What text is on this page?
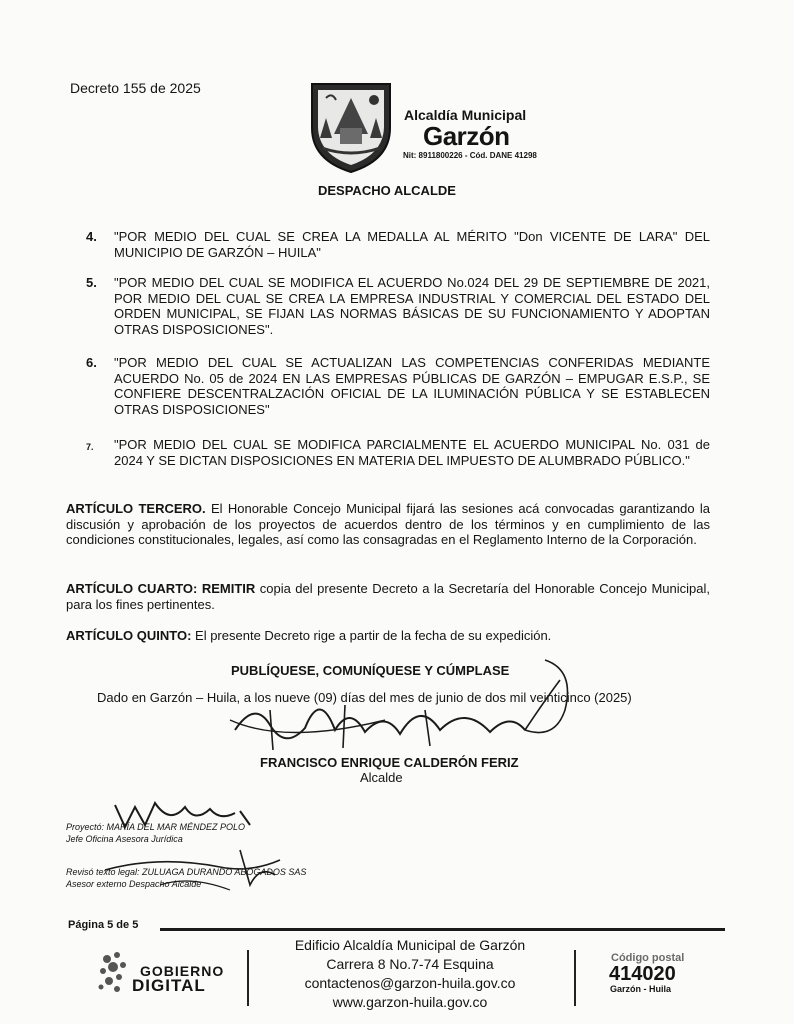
Decreto 155 de 2025
Alcaldía Municipal
Garzón
Nit: 8911800226 - Cód. DANE 41298
DESPACHO ALCALDE
4. "POR MEDIO DEL CUAL SE CREA LA MEDALLA AL MÉRITO "Don VICENTE DE LARA" DEL MUNICIPIO DE GARZÓN – HUILA"
5. "POR MEDIO DEL CUAL SE MODIFICA EL ACUERDO No.024 DEL 29 DE SEPTIEMBRE DE 2021, POR MEDIO DEL CUAL SE CREA LA EMPRESA INDUSTRIAL Y COMERCIAL DEL ESTADO DEL ORDEN MUNICIPAL, SE FIJAN LAS NORMAS BÁSICAS DE SU FUNCIONAMIENTO Y ADOPTAN OTRAS DISPOSICIONES".
6. "POR MEDIO DEL CUAL SE ACTUALIZAN LAS COMPETENCIAS CONFERIDAS MEDIANTE ACUERDO No. 05 de 2024 EN LAS EMPRESAS PÚBLICAS DE GARZÓN – EMPUGAR E.S.P., SE CONFIERE DESCENTRALZACIÓN OFICIAL DE LA ILUMINACIÓN PÚBLICA Y SE ESTABLECEN OTRAS DISPOSICIONES"
7. "POR MEDIO DEL CUAL SE MODIFICA PARCIALMENTE EL ACUERDO MUNICIPAL No. 031 de 2024 Y SE DICTAN DISPOSICIONES EN MATERIA DEL IMPUESTO DE ALUMBRADO PÚBLICO."
ARTÍCULO TERCERO. El Honorable Concejo Municipal fijará las sesiones acá convocadas garantizando la discusión y aprobación de los proyectos de acuerdos dentro de los términos y en cumplimiento de las condiciones constitucionales, legales, así como las consagradas en el Reglamento Interno de la Corporación.
ARTÍCULO CUARTO: REMITIR copia del presente Decreto a la Secretaría del Honorable Concejo Municipal, para los fines pertinentes.
ARTÍCULO QUINTO: El presente Decreto rige a partir de la fecha de su expedición.
PUBLÍQUESE, COMUNÍQUESE Y CÚMPLASE
Dado en Garzón – Huila, a los nueve (09) días del mes de junio de dos mil veinticinco (2025)
FRANCISCO ENRIQUE CALDERÓN FERIZ
Alcalde
Proyectó: MARÍA DEL MAR MÉNDEZ POLO
Jefe Oficina Asesora Jurídica
Revisó texto legal: ZULUAGA DURANDO ABOGADOS SAS
Asesor externo Despacho Alcalde
Página 5 de 5
GOBIERNO
DIGITAL
Edificio Alcaldía Municipal de Garzón
Carrera 8 No.7-74 Esquina
contactenos@garzon-huila.gov.co
www.garzon-huila.gov.co
Código postal
414020
Garzón - Huila
